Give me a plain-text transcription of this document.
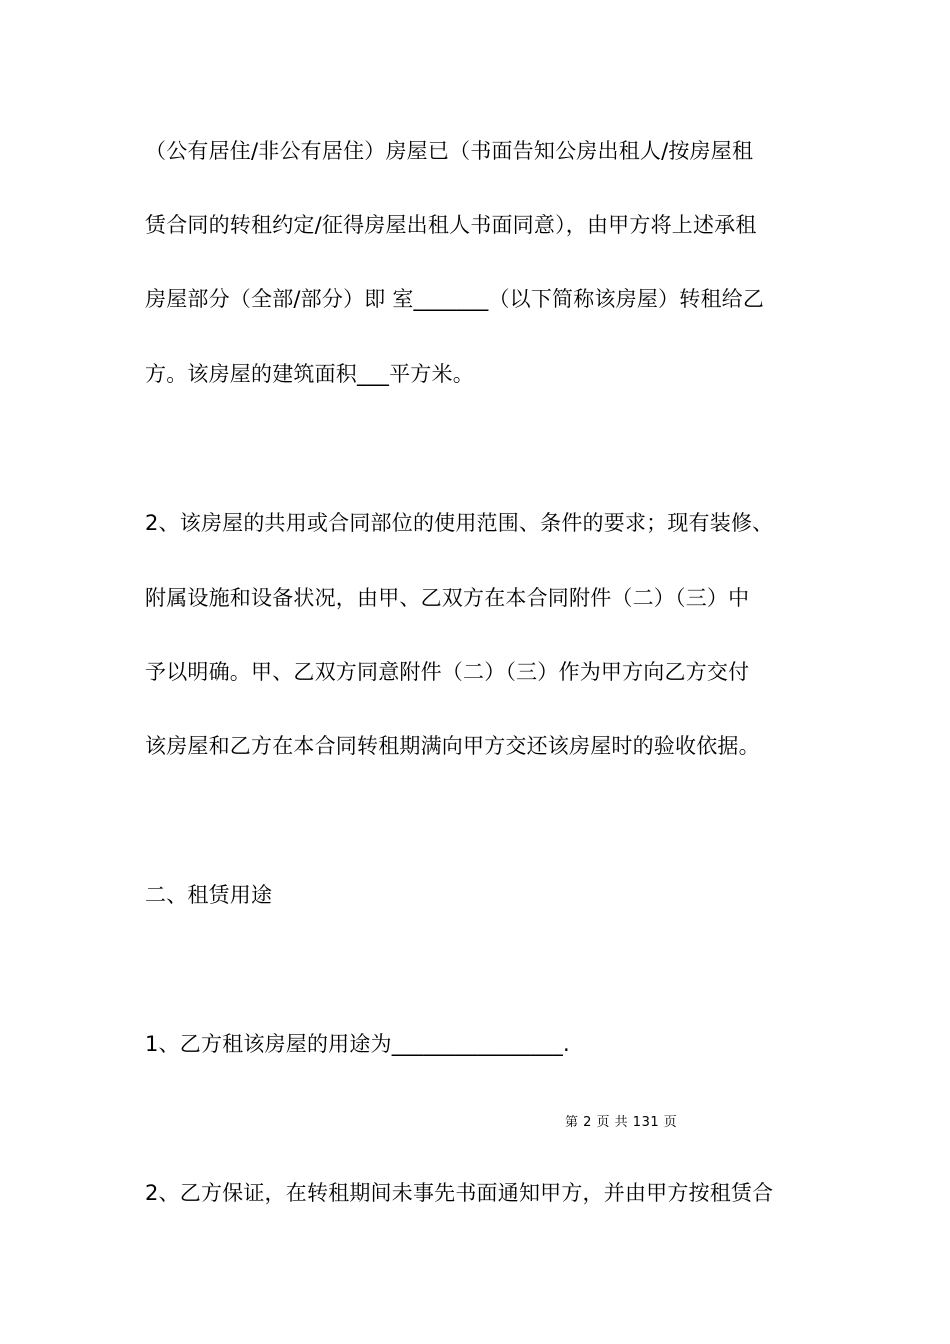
（公有居住/非公有居住）房屋已（书面告知公房出租人/按房屋租
赁合同的转租约定/征得房屋出租人书面同意），由甲方将上述承租
房屋部分（全部/部分）即 室_______（以下简称该房屋）转租给乙
方。该房屋的建筑面积___平方米。
2、该房屋的共用或合同部位的使用范围、条件的要求；现有装修、
附属设施和设备状况，由甲、乙双方在本合同附件（二）（三）中
予以明确。甲、乙双方同意附件（二）（三）作为甲方向乙方交付
该房屋和乙方在本合同转租期满向甲方交还该房屋时的验收依据。
二、租赁用途
1、乙方租该房屋的用途为________________.
第 2 页 共 131 页
2、乙方保证，在转租期间未事先书面通知甲方，并由甲方按租赁合
